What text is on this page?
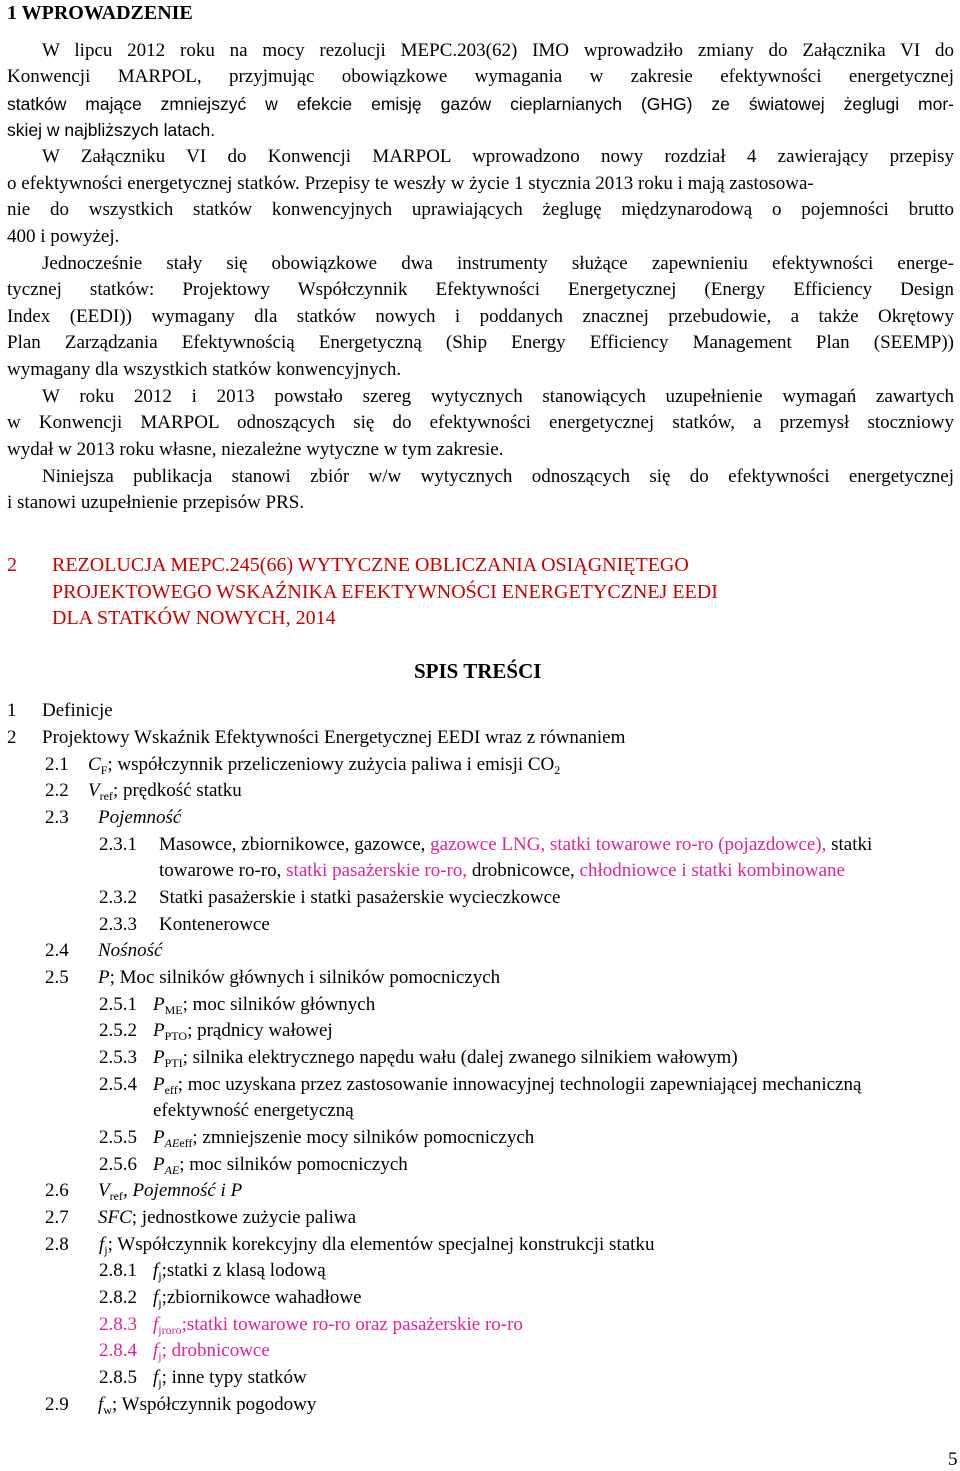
1 WPROWADZENIE
W lipcu 2012 roku na mocy rezolucji MEPC.203(62) IMO wprowadziło zmiany do Załącznika VI do
Konwencji MARPOL, przyjmując obowiązkowe wymagania w zakresie efektywności energetycznej
statków mające zmniejszyć w efekcie emisję gazów cieplarnianych (GHG) ze światowej żeglugi mor-
skiej w najbliższych latach.
W Załączniku VI do Konwencji MARPOL wprowadzono nowy rozdział 4 zawierający przepisy
o efektywności energetycznej statków. Przepisy te weszły w życie 1 stycznia 2013 roku i mają zastosowa-
nie do wszystkich statków konwencyjnych uprawiających żeglugę międzynarodową o pojemności brutto
400 i powyżej.
Jednocześnie stały się obowiązkowe dwa instrumenty służące zapewnieniu efektywności energe-
tycznej statków: Projektowy Współczynnik Efektywności Energetycznej (Energy Efficiency Design
Index (EEDI)) wymagany dla statków nowych i poddanych znacznej przebudowie, a także Okrętowy
Plan Zarządzania Efektywnością Energetyczną (Ship Energy Efficiency Management Plan (SEEMP))
wymagany dla wszystkich statków konwencyjnych.
W roku 2012 i 2013 powstało szereg wytycznych stanowiących uzupełnienie wymagań zawartych
w Konwencji MARPOL odnoszących się do efektywności energetycznej statków, a przemysł stoczniowy
wydał w 2013 roku własne, niezależne wytyczne w tym zakresie.
Niniejsza publikacja stanowi zbiór w/w wytycznych odnoszących się do efektywności energetycznej
i stanowi uzupełnienie przepisów PRS.
2 REZOLUCJA MEPC.245(66) WYTYCZNE OBLICZANIA OSIĄGNIĘTEGO
PROJEKTOWEGO WSKAŹNIKA EFEKTYWNOŚCI ENERGETYCZNEJ EEDI
DLA STATKÓW NOWYCH, 2014
SPIS TREŚCI
1 Definicje
2 Projektowy Wskaźnik Efektywności Energetycznej EEDI wraz z równaniem
2.1 $C_F$; współczynnik przeliczeniowy zużycia paliwa i emisji $CO_2$
2.2 $V_{ref}$; prędkość statku
2.3 Pojemność
2.3.1 Masowce, zbiornikowce, gazowce, gazowce LNG, statki towarowe ro-ro (pojazdowce), statki
towarowe ro-ro, statki pasażerskie ro-ro, drobnicowce, chłodniowce i statki kombinowane
2.3.2 Statki pasażerskie i statki pasażerskie wycieczkowce
2.3.3 Kontenerowce
2.4 Nośność
2.5 P; Moc silników głównych i silników pomocniczych
2.5.1 $P_{ME}$; moc silników głównych
2.5.2 $P_{PTO}$; prądnicy wałowej
2.5.3 $P_{PTI}$; silnika elektrycznego napędu wału (dalej zwanego silnikiem wałowym)
2.5.4 $P_{eff}$; moc uzyskana przez zastosowanie innowacyjnej technologii zapewniającej mechaniczną
efektywność energetyczną
2.5.5 $P_{AEeff}$; zmniejszenie mocy silników pomocniczych
2.5.6 $P_{AE}$; moc silników pomocniczych
2.6 $V_{ref}$, Pojemność i P
2.7 SFC; jednostkowe zużycie paliwa
2.8 $f_j$; Współczynnik korekcyjny dla elementów specjalnej konstrukcji statku
2.8.1 $f_j;statki$ z klasą lodową
2.8.2 $f_j;zbiornikowce$ wahadłowe
2.8.3 $f_{jroro};statki$ towarowe ro-ro oraz pasażerskie ro-ro
2.8.4 $f_j$; drobnicowce
2.8.5 $f_j$; inne typy statków
2.9 $f_w$; Współczynnik pogodowy
5
